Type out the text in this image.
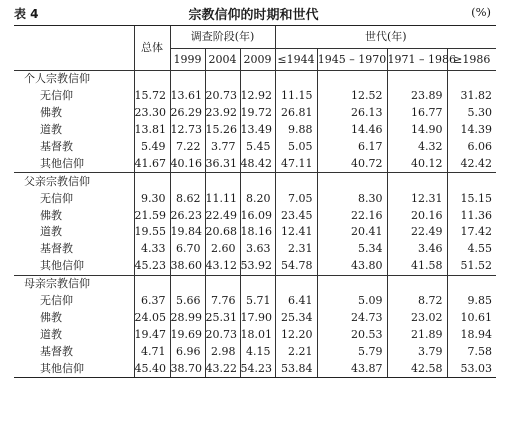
表 4	宗教信仰的时期和世代	(%)
	总体	调查阶段(年)			世代(年)			
		1999	2004	2009	≤1944	1945 – 1970	1971 – 1986	≥1986
个人宗教信仰								
无信仰	15.72	13.61	20.73	12.92	11.15	12.52	23.89	31.82
佛教	23.30	26.29	23.92	19.72	26.81	26.13	16.77	5.30
道教	13.81	12.73	15.26	13.49	9.88	14.46	14.90	14.39
基督教	5.49	7.22	3.77	5.45	5.05	6.17	4.32	6.06
其他信仰	41.67	40.16	36.31	48.42	47.11	40.72	40.12	42.42
父亲宗教信仰								
无信仰	9.30	8.62	11.11	8.20	7.05	8.30	12.31	15.15
佛教	21.59	26.23	22.49	16.09	23.45	22.16	20.16	11.36
道教	19.55	19.84	20.68	18.16	12.41	20.41	22.49	17.42
基督教	4.33	6.70	2.60	3.63	2.31	5.34	3.46	4.55
其他信仰	45.23	38.60	43.12	53.92	54.78	43.80	41.58	51.52
母亲宗教信仰								
无信仰	6.37	5.66	7.76	5.71	6.41	5.09	8.72	9.85
佛教	24.05	28.99	25.31	17.90	25.34	24.73	23.02	10.61
道教	19.47	19.69	20.73	18.01	12.20	20.53	21.89	18.94
基督教	4.71	6.96	2.98	4.15	2.21	5.79	3.79	7.58
其他信仰	45.40	38.70	43.22	54.23	53.84	43.87	42.58	53.03
